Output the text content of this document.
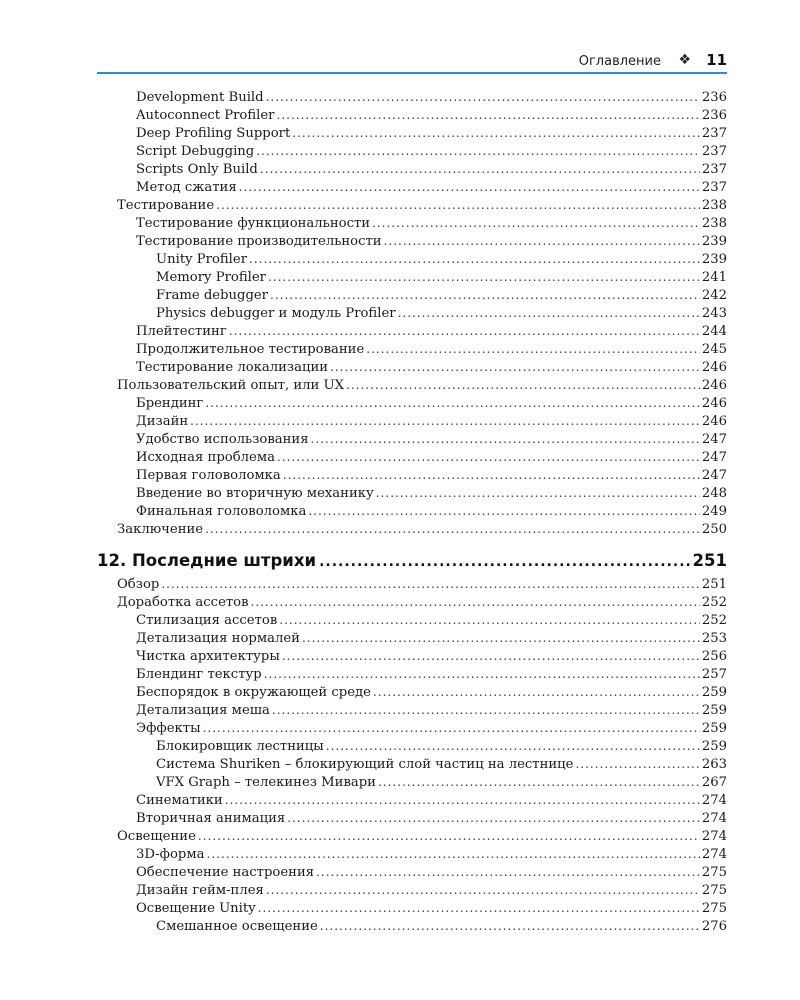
Оглавление ❖ 11
Development Build .....	236
Autoconnect Profiler .....	236
Deep Profiling Support .....	237
Script Debugging .....	237
Scripts Only Build .....	237
Метод сжатия .....	237
Тестирование .....	238
Тестирование функциональности .....	238
Тестирование производительности .....	239
Unity Profiler .....	239
Memory Profiler .....	241
Frame debugger .....	242
Physics debugger и модуль Profiler .....	243
Плейтестинг .....	244
Продолжительное тестирование .....	245
Тестирование локализации .....	246
Пользовательский опыт, или UX .....	246
Брендинг .....	246
Дизайн .....	246
Удобство использования .....	247
Исходная проблема .....	247
Первая головоломка .....	247
Введение во вторичную механику .....	248
Финальная головоломка .....	249
Заключение .....	250
12. Последние штрихи .....	251
Обзор .....	251
Доработка ассетов .....	252
Стилизация ассетов .....	252
Детализация нормалей .....	253
Чистка архитектуры .....	256
Блендинг текстур .....	257
Беспорядок в окружающей среде .....	259
Детализация меша .....	259
Эффекты .....	259
Блокировщик лестницы .....	259
Система Shuriken – блокирующий слой частиц на лестнице .....	263
VFX Graph – телекинез Мивари .....	267
Синематики .....	274
Вторичная анимация .....	274
Освещение .....	274
3D-форма .....	274
Обеспечение настроения .....	275
Дизайн гейм-плея .....	275
Освещение Unity .....	275
Смешанное освещение .....	276
